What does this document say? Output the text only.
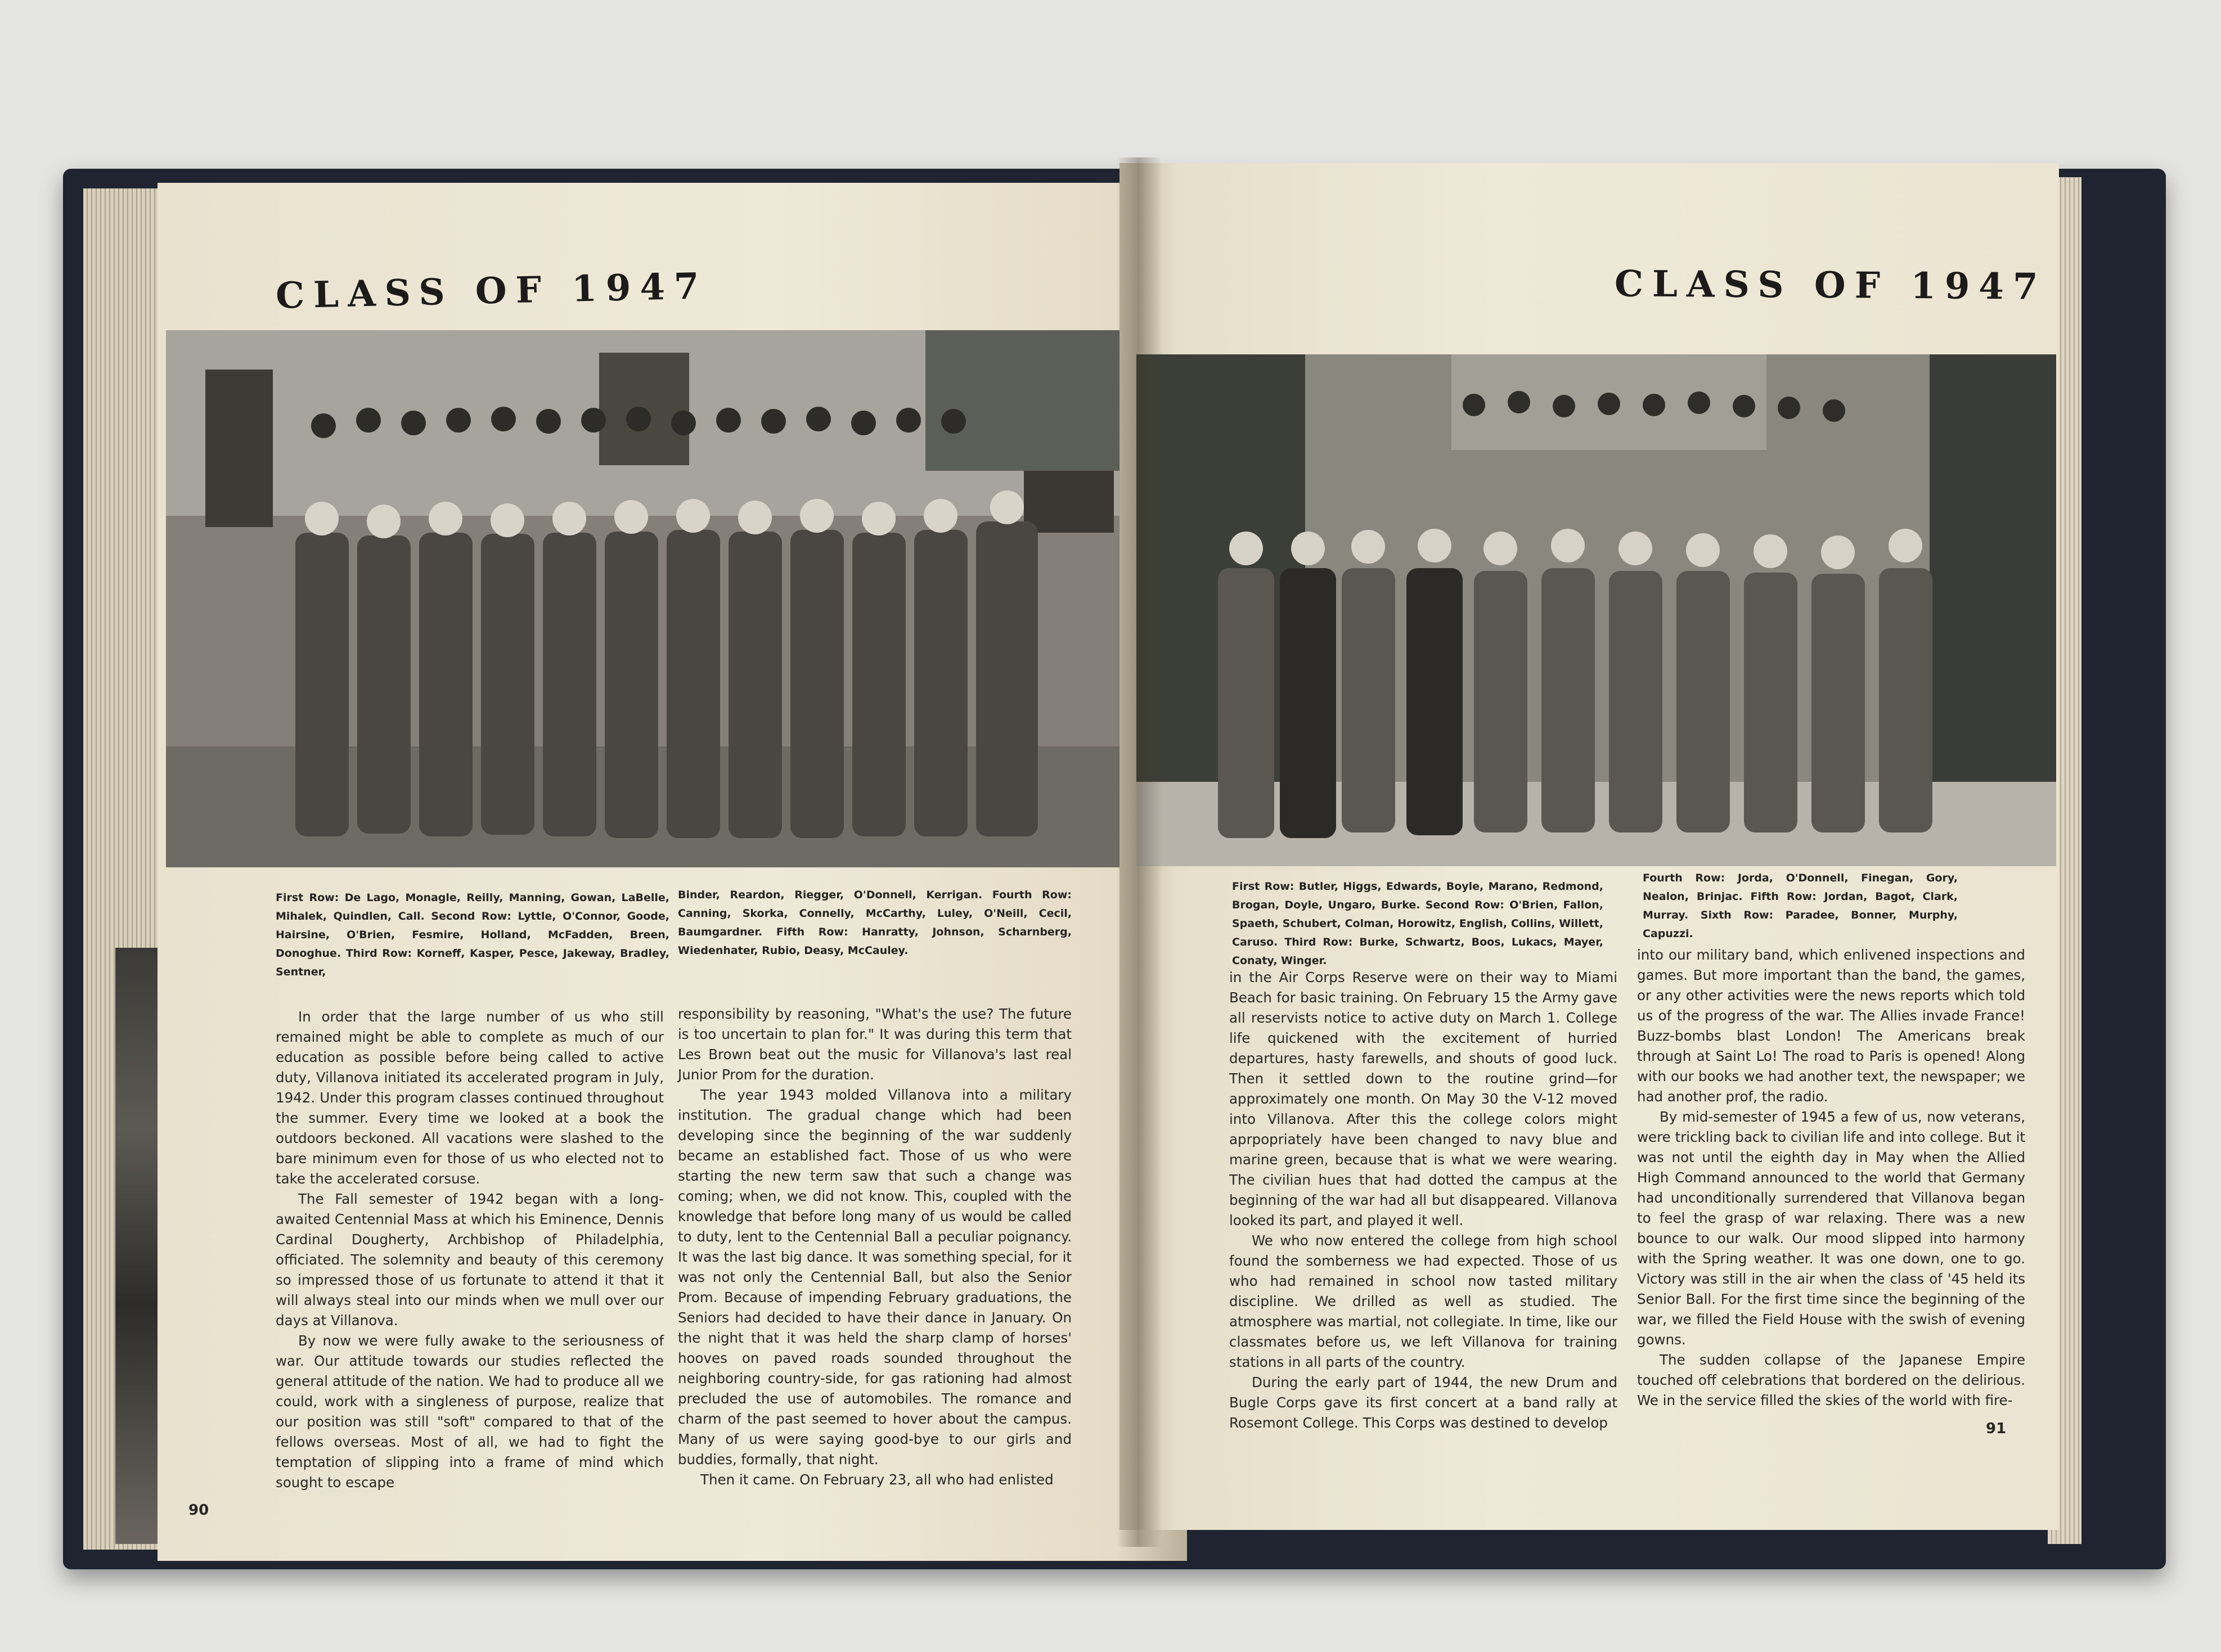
CLASS OF 1947
First Row: De Lago, Monagle, Reilly, Manning, Gowan, LaBelle, Mihalek, Quindlen, Call. Second Row: Lyttle, O'Connor, Goode, Hairsine, O'Brien, Fesmire, Holland, McFadden, Breen, Donoghue. Third Row: Korneff, Kasper, Pesce, Jakeway, Bradley, Sentner,
Binder, Reardon, Riegger, O'Donnell, Kerrigan. Fourth Row: Canning, Skorka, Connelly, McCarthy, Luley, O'Neill, Cecil, Baumgardner. Fifth Row: Hanratty, Johnson, Scharnberg, Wiedenhater, Rubio, Deasy, McCauley.

In order that the large number of us who still remained might be able to complete as much of our education as possible before being called to active duty, Villanova initiated its accelerated program in July, 1942. Under this program classes continued throughout the summer. Every time we looked at a book the outdoors beckoned. All vacations were slashed to the bare minimum even for those of us who elected not to take the accelerated corsuse.

The Fall semester of 1942 began with a long-awaited Centennial Mass at which his Eminence, Dennis Cardinal Dougherty, Archbishop of Philadelphia, officiated. The solemnity and beauty of this ceremony so impressed those of us fortunate to attend it that it will always steal into our minds when we mull over our days at Villanova.

By now we were fully awake to the seriousness of war. Our attitude towards our studies reflected the general attitude of the nation. We had to produce all we could, work with a singleness of purpose, realize that our position was still "soft" compared to that of the fellows overseas. Most of all, we had to fight the temptation of slipping into a frame of mind which sought to escape

responsibility by reasoning, "What's the use? The future is too uncertain to plan for." It was during this term that Les Brown beat out the music for Villanova's last real Junior Prom for the duration.

The year 1943 molded Villanova into a military institution. The gradual change which had been developing since the beginning of the war suddenly became an established fact. Those of us who were starting the new term saw that such a change was coming; when, we did not know. This, coupled with the knowledge that before long many of us would be called to duty, lent to the Centennial Ball a peculiar poignancy. It was the last big dance. It was something special, for it was not only the Centennial Ball, but also the Senior Prom. Because of impending February graduations, the Seniors had decided to have their dance in January. On the night that it was held the sharp clamp of horses' hooves on paved roads sounded throughout the neighboring country-side, for gas rationing had almost precluded the use of automobiles. The romance and charm of the past seemed to hover about the campus. Many of us were saying good-bye to our girls and buddies, formally, that night.

Then it came. On February 23, all who had enlisted

90
CLASS OF 1947
First Row: Butler, Higgs, Edwards, Boyle, Marano, Redmond, Brogan, Doyle, Ungaro, Burke. Second Row: O'Brien, Fallon, Spaeth, Schubert, Colman, Horowitz, English, Collins, Willett, Caruso. Third Row: Burke, Schwartz, Boos, Lukacs, Mayer, Conaty, Winger.
Fourth Row: Jorda, O'Donnell, Finegan, Gory, Nealon, Brinjac. Fifth Row: Jordan, Bagot, Clark, Murray. Sixth Row: Paradee, Bonner, Murphy, Capuzzi.

in the Air Corps Reserve were on their way to Miami Beach for basic training. On February 15 the Army gave all reservists notice to active duty on March 1. College life quickened with the excitement of hurried departures, hasty farewells, and shouts of good luck. Then it settled down to the routine grind—for approximately one month. On May 30 the V-12 moved into Villanova. After this the college colors might aprpopriately have been changed to navy blue and marine green, because that is what we were wearing. The civilian hues that had dotted the campus at the beginning of the war had all but disappeared. Villanova looked its part, and played it well.

We who now entered the college from high school found the somberness we had expected. Those of us who had remained in school now tasted military discipline. We drilled as well as studied. The atmosphere was martial, not collegiate. In time, like our classmates before us, we left Villanova for training stations in all parts of the country.

During the early part of 1944, the new Drum and Bugle Corps gave its first concert at a band rally at Rosemont College. This Corps was destined to develop

into our military band, which enlivened inspections and games. But more important than the band, the games, or any other activities were the news reports which told us of the progress of the war. The Allies invade France! Buzz-bombs blast London! The Americans break through at Saint Lo! The road to Paris is opened! Along with our books we had another text, the newspaper; we had another prof, the radio.

By mid-semester of 1945 a few of us, now veterans, were trickling back to civilian life and into college. But it was not until the eighth day in May when the Allied High Command announced to the world that Germany had unconditionally surrendered that Villanova began to feel the grasp of war relaxing. There was a new bounce to our walk. Our mood slipped into harmony with the Spring weather. It was one down, one to go. Victory was still in the air when the class of '45 held its Senior Ball. For the first time since the beginning of the war, we filled the Field House with the swish of evening gowns.

The sudden collapse of the Japanese Empire touched off celebrations that bordered on the delirious. We in the service filled the skies of the world with fire-

91
